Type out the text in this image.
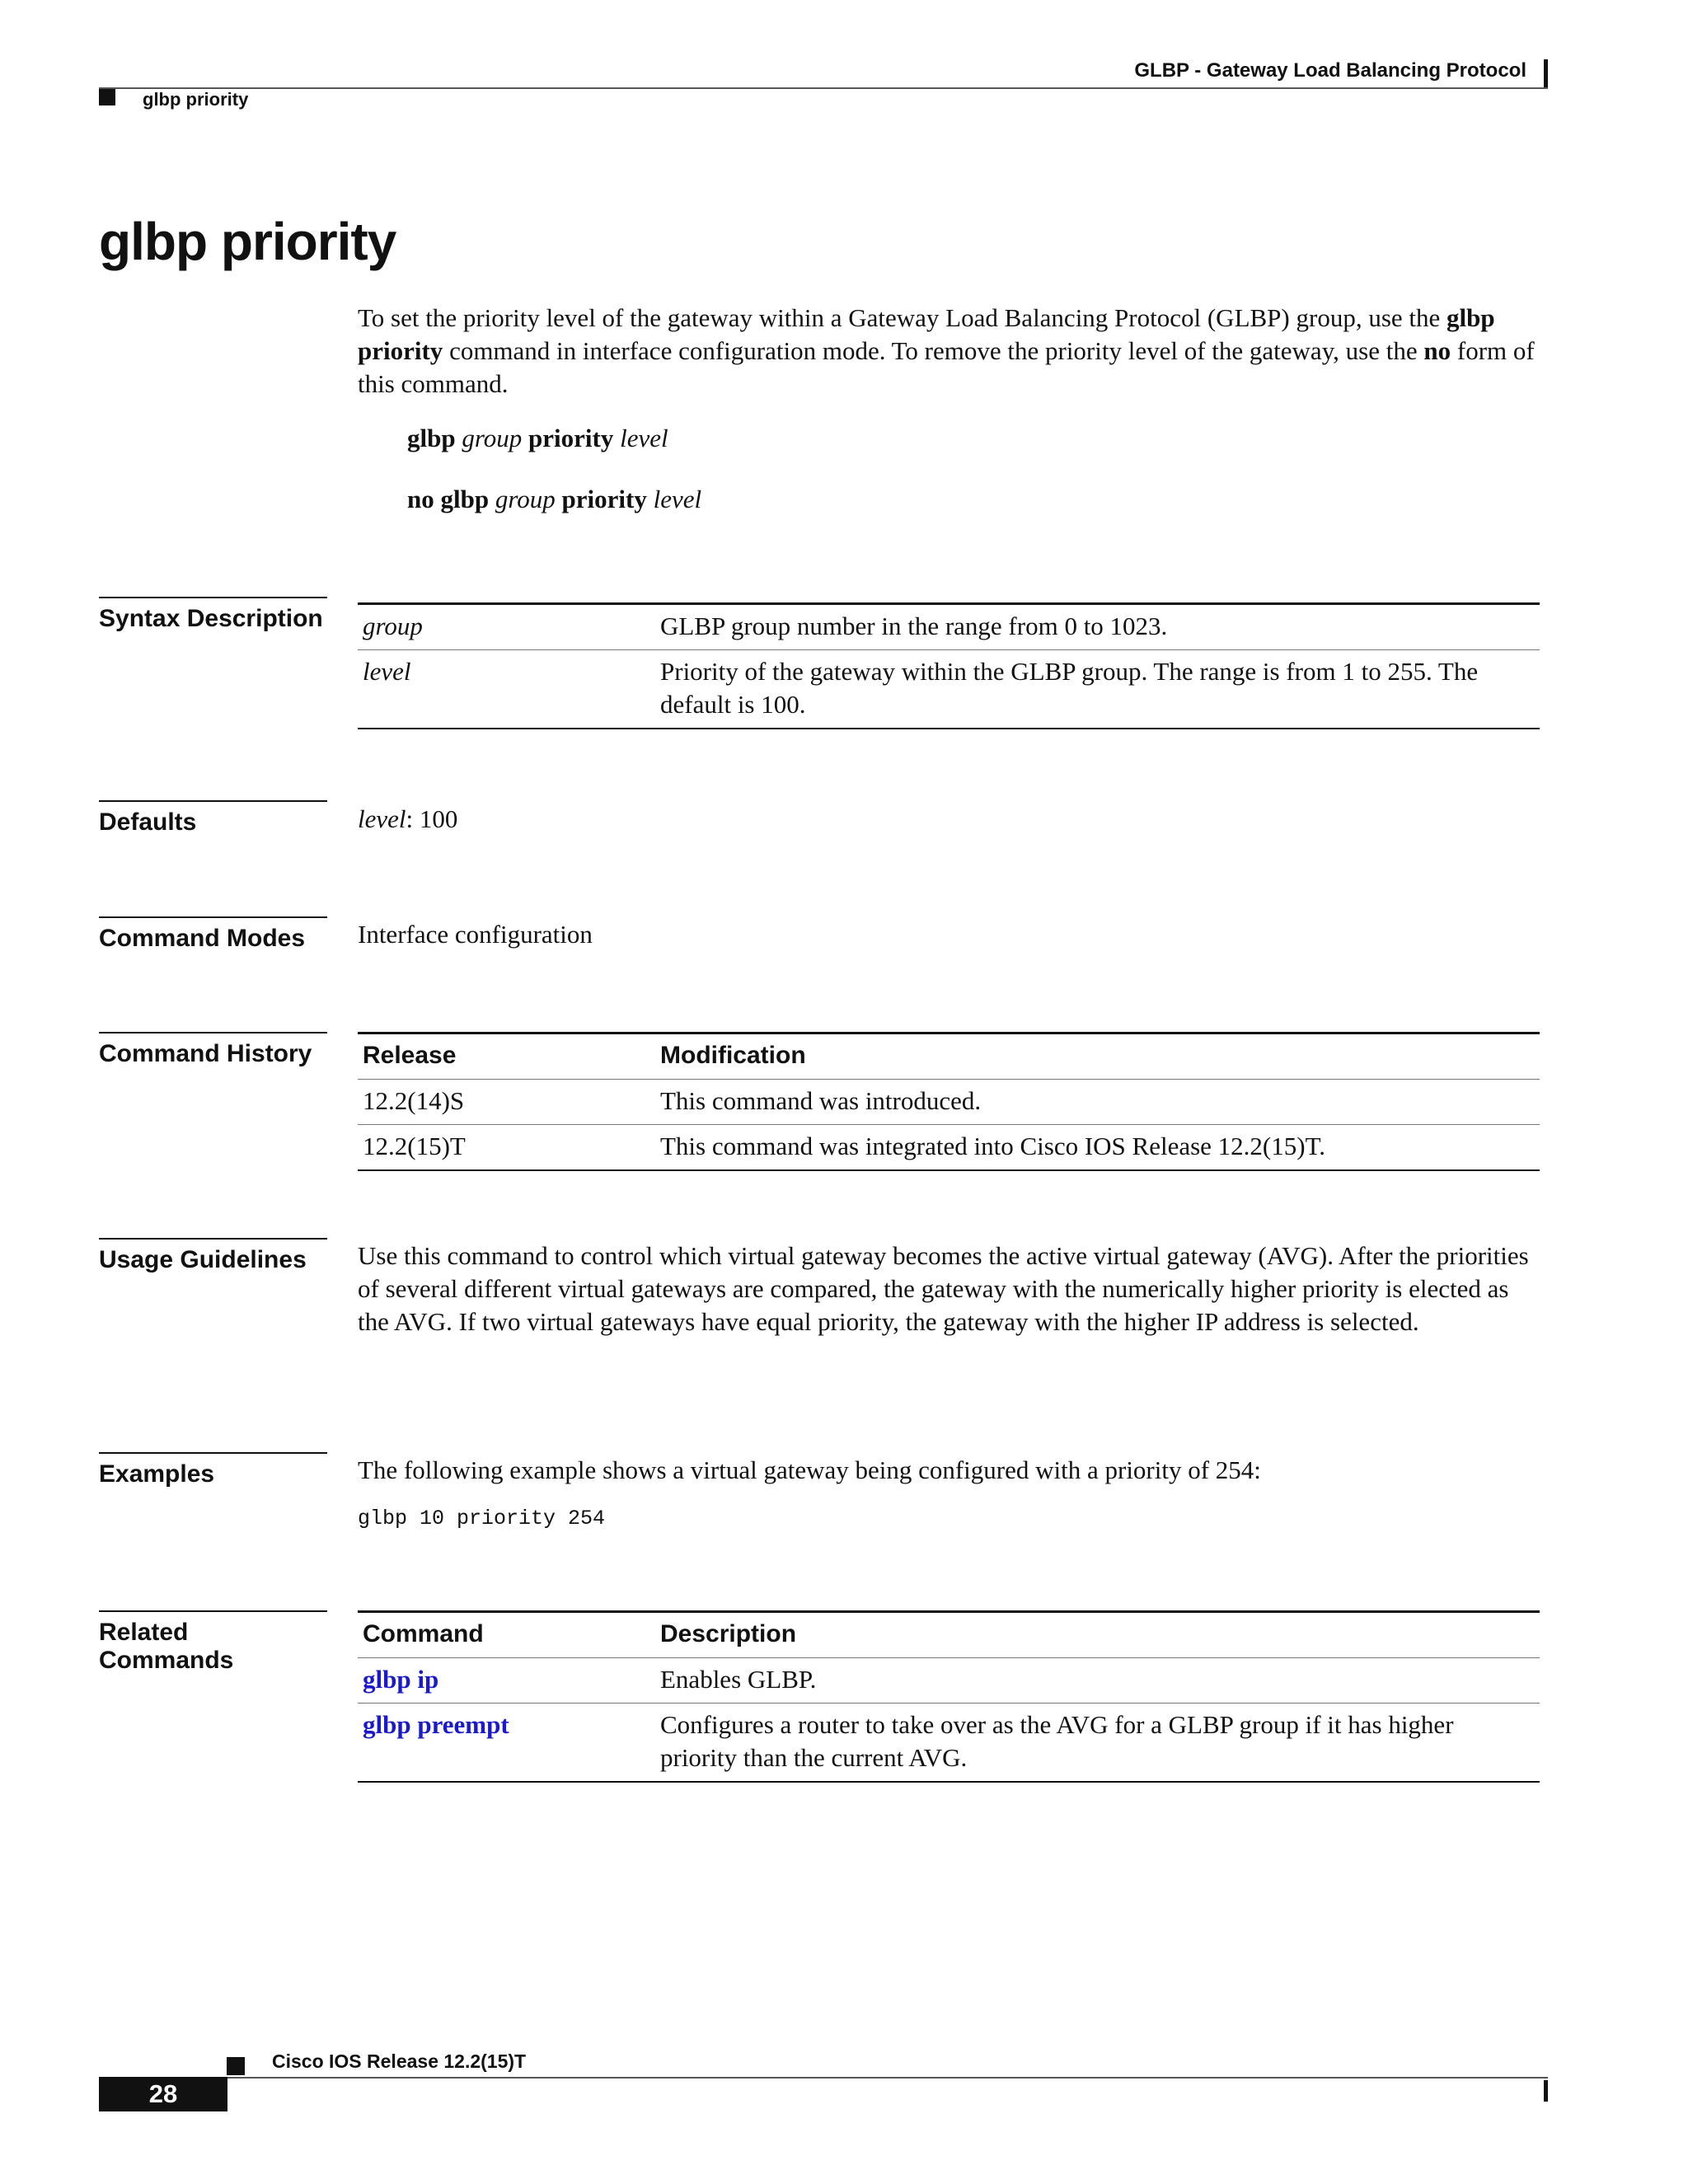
GLBP - Gateway Load Balancing Protocol
glbp priority
glbp priority
To set the priority level of the gateway within a Gateway Load Balancing Protocol (GLBP) group, use the glbp priority command in interface configuration mode. To remove the priority level of the gateway, use the no form of this command.
glbp group priority level
no glbp group priority level
Syntax Description group	GLBP group number in the range from 0 to 1023.
level	Priority of the gateway within the GLBP group. The range is from 1 to 255. The default is 100.
Defaults	level: 100
Command Modes	Interface configuration
Command History	Release	Modification
12.2(14)S	This command was introduced.
12.2(15)T	This command was integrated into Cisco IOS Release 12.2(15)T.
Usage Guidelines	Use this command to control which virtual gateway becomes the active virtual gateway (AVG). After the priorities of several different virtual gateways are compared, the gateway with the numerically higher priority is elected as the AVG. If two virtual gateways have equal priority, the gateway with the higher IP address is selected.
Examples	The following example shows a virtual gateway being configured with a priority of 254:
glbp 10 priority 254
Related Commands
Command	Description
glbp ip	Enables GLBP.
glbp preempt	Configures a router to take over as the AVG for a GLBP group if it has higher priority than the current AVG.
Cisco IOS Release 12.2(15)T
28
